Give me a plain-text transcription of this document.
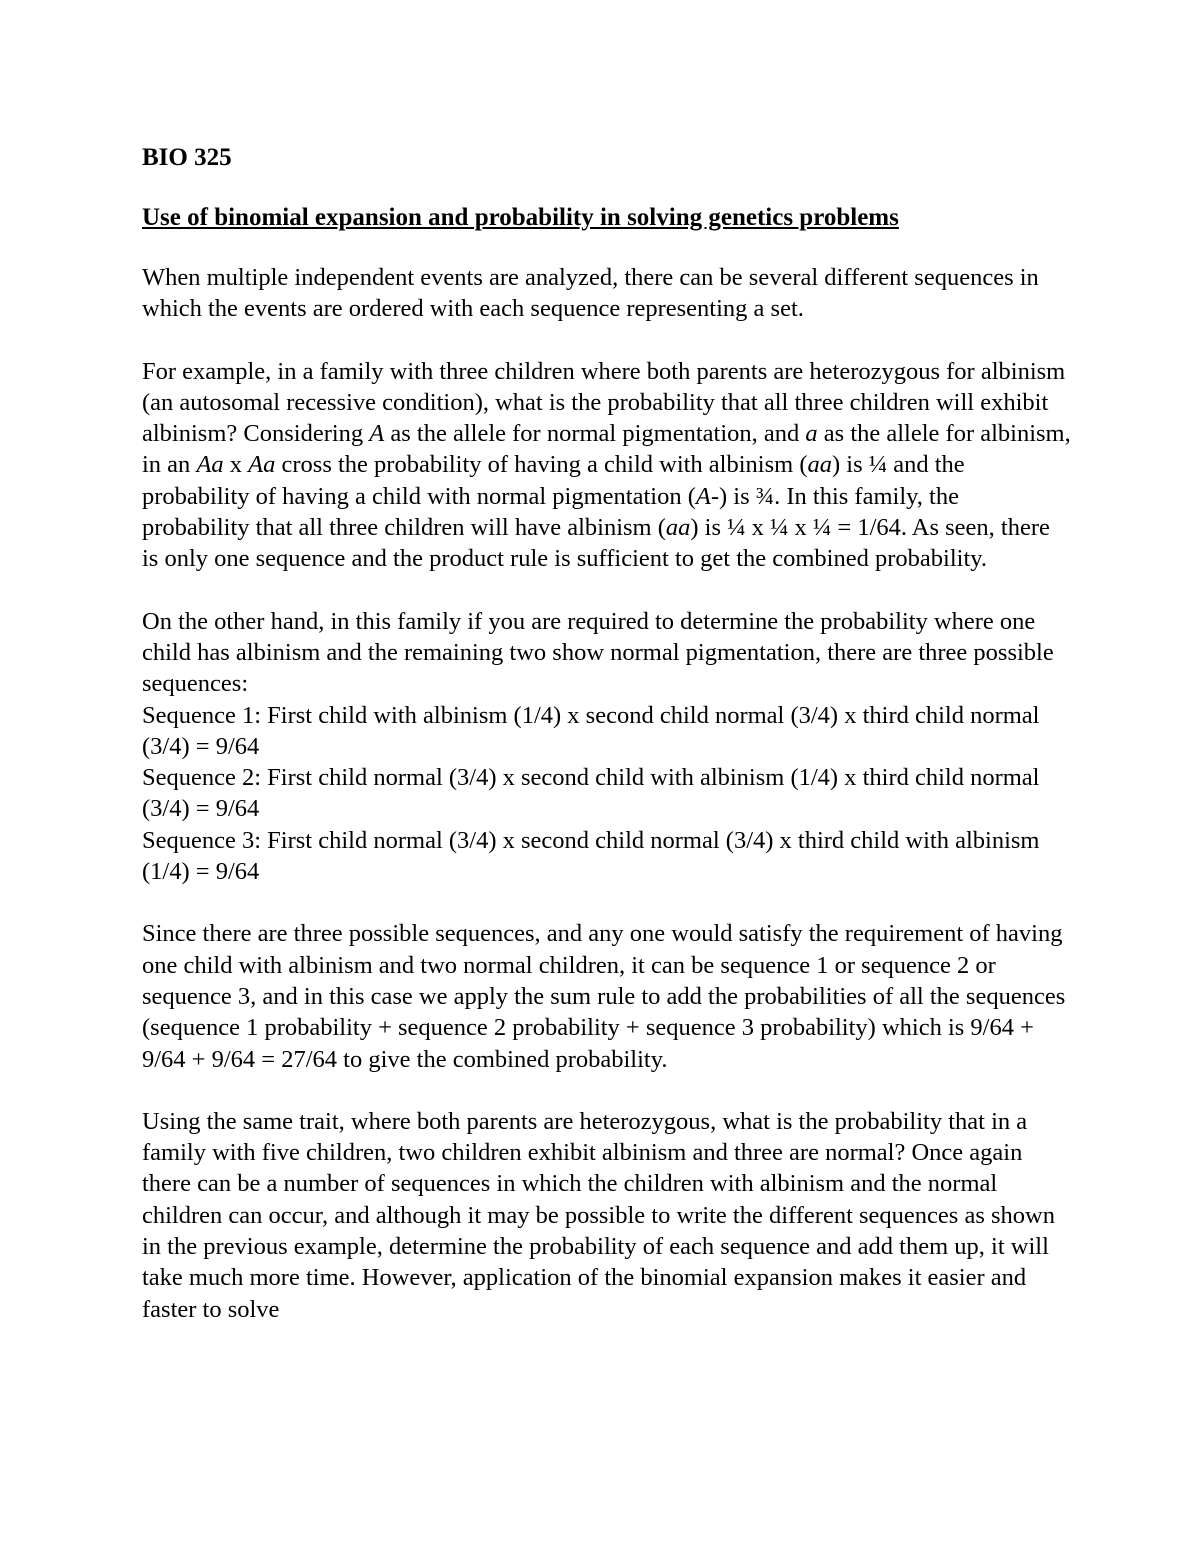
BIO 325

Use of binomial expansion and probability in solving genetics problems

When multiple independent events are analyzed, there can be several different sequences in which the events are ordered with each sequence representing a set.

For example, in a family with three children where both parents are heterozygous for albinism (an autosomal recessive condition), what is the probability that all three children will exhibit albinism? Considering A as the allele for normal pigmentation, and a as the allele for albinism, in an Aa x Aa cross the probability of having a child with albinism (aa) is ¼ and the probability of having a child with normal pigmentation (A-) is ¾. In this family, the probability that all three children will have albinism (aa) is ¼ x ¼ x ¼ = 1/64. As seen, there is only one sequence and the product rule is sufficient to get the combined probability.

On the other hand, in this family if you are required to determine the probability where one child has albinism and the remaining two show normal pigmentation, there are three possible sequences:

Sequence 1: First child with albinism (1/4) x second child normal (3/4) x third child normal (3/4) = 9/64

Sequence 2: First child normal (3/4) x second child with albinism (1/4) x third child normal (3/4) = 9/64

Sequence 3: First child normal (3/4) x second child normal (3/4) x third child with albinism (1/4) = 9/64

Since there are three possible sequences, and any one would satisfy the requirement of having one child with albinism and two normal children, it can be sequence 1 or sequence 2 or sequence 3, and in this case we apply the sum rule to add the probabilities of all the sequences (sequence 1 probability + sequence 2 probability + sequence 3 probability) which is 9/64 + 9/64 + 9/64 = 27/64 to give the combined probability.

Using the same trait, where both parents are heterozygous, what is the probability that in a family with five children, two children exhibit albinism and three are normal? Once again there can be a number of sequences in which the children with albinism and the normal children can occur, and although it may be possible to write the different sequences as shown in the previous example, determine the probability of each sequence and add them up, it will take much more time. However, application of the binomial expansion makes it easier and faster to solve
